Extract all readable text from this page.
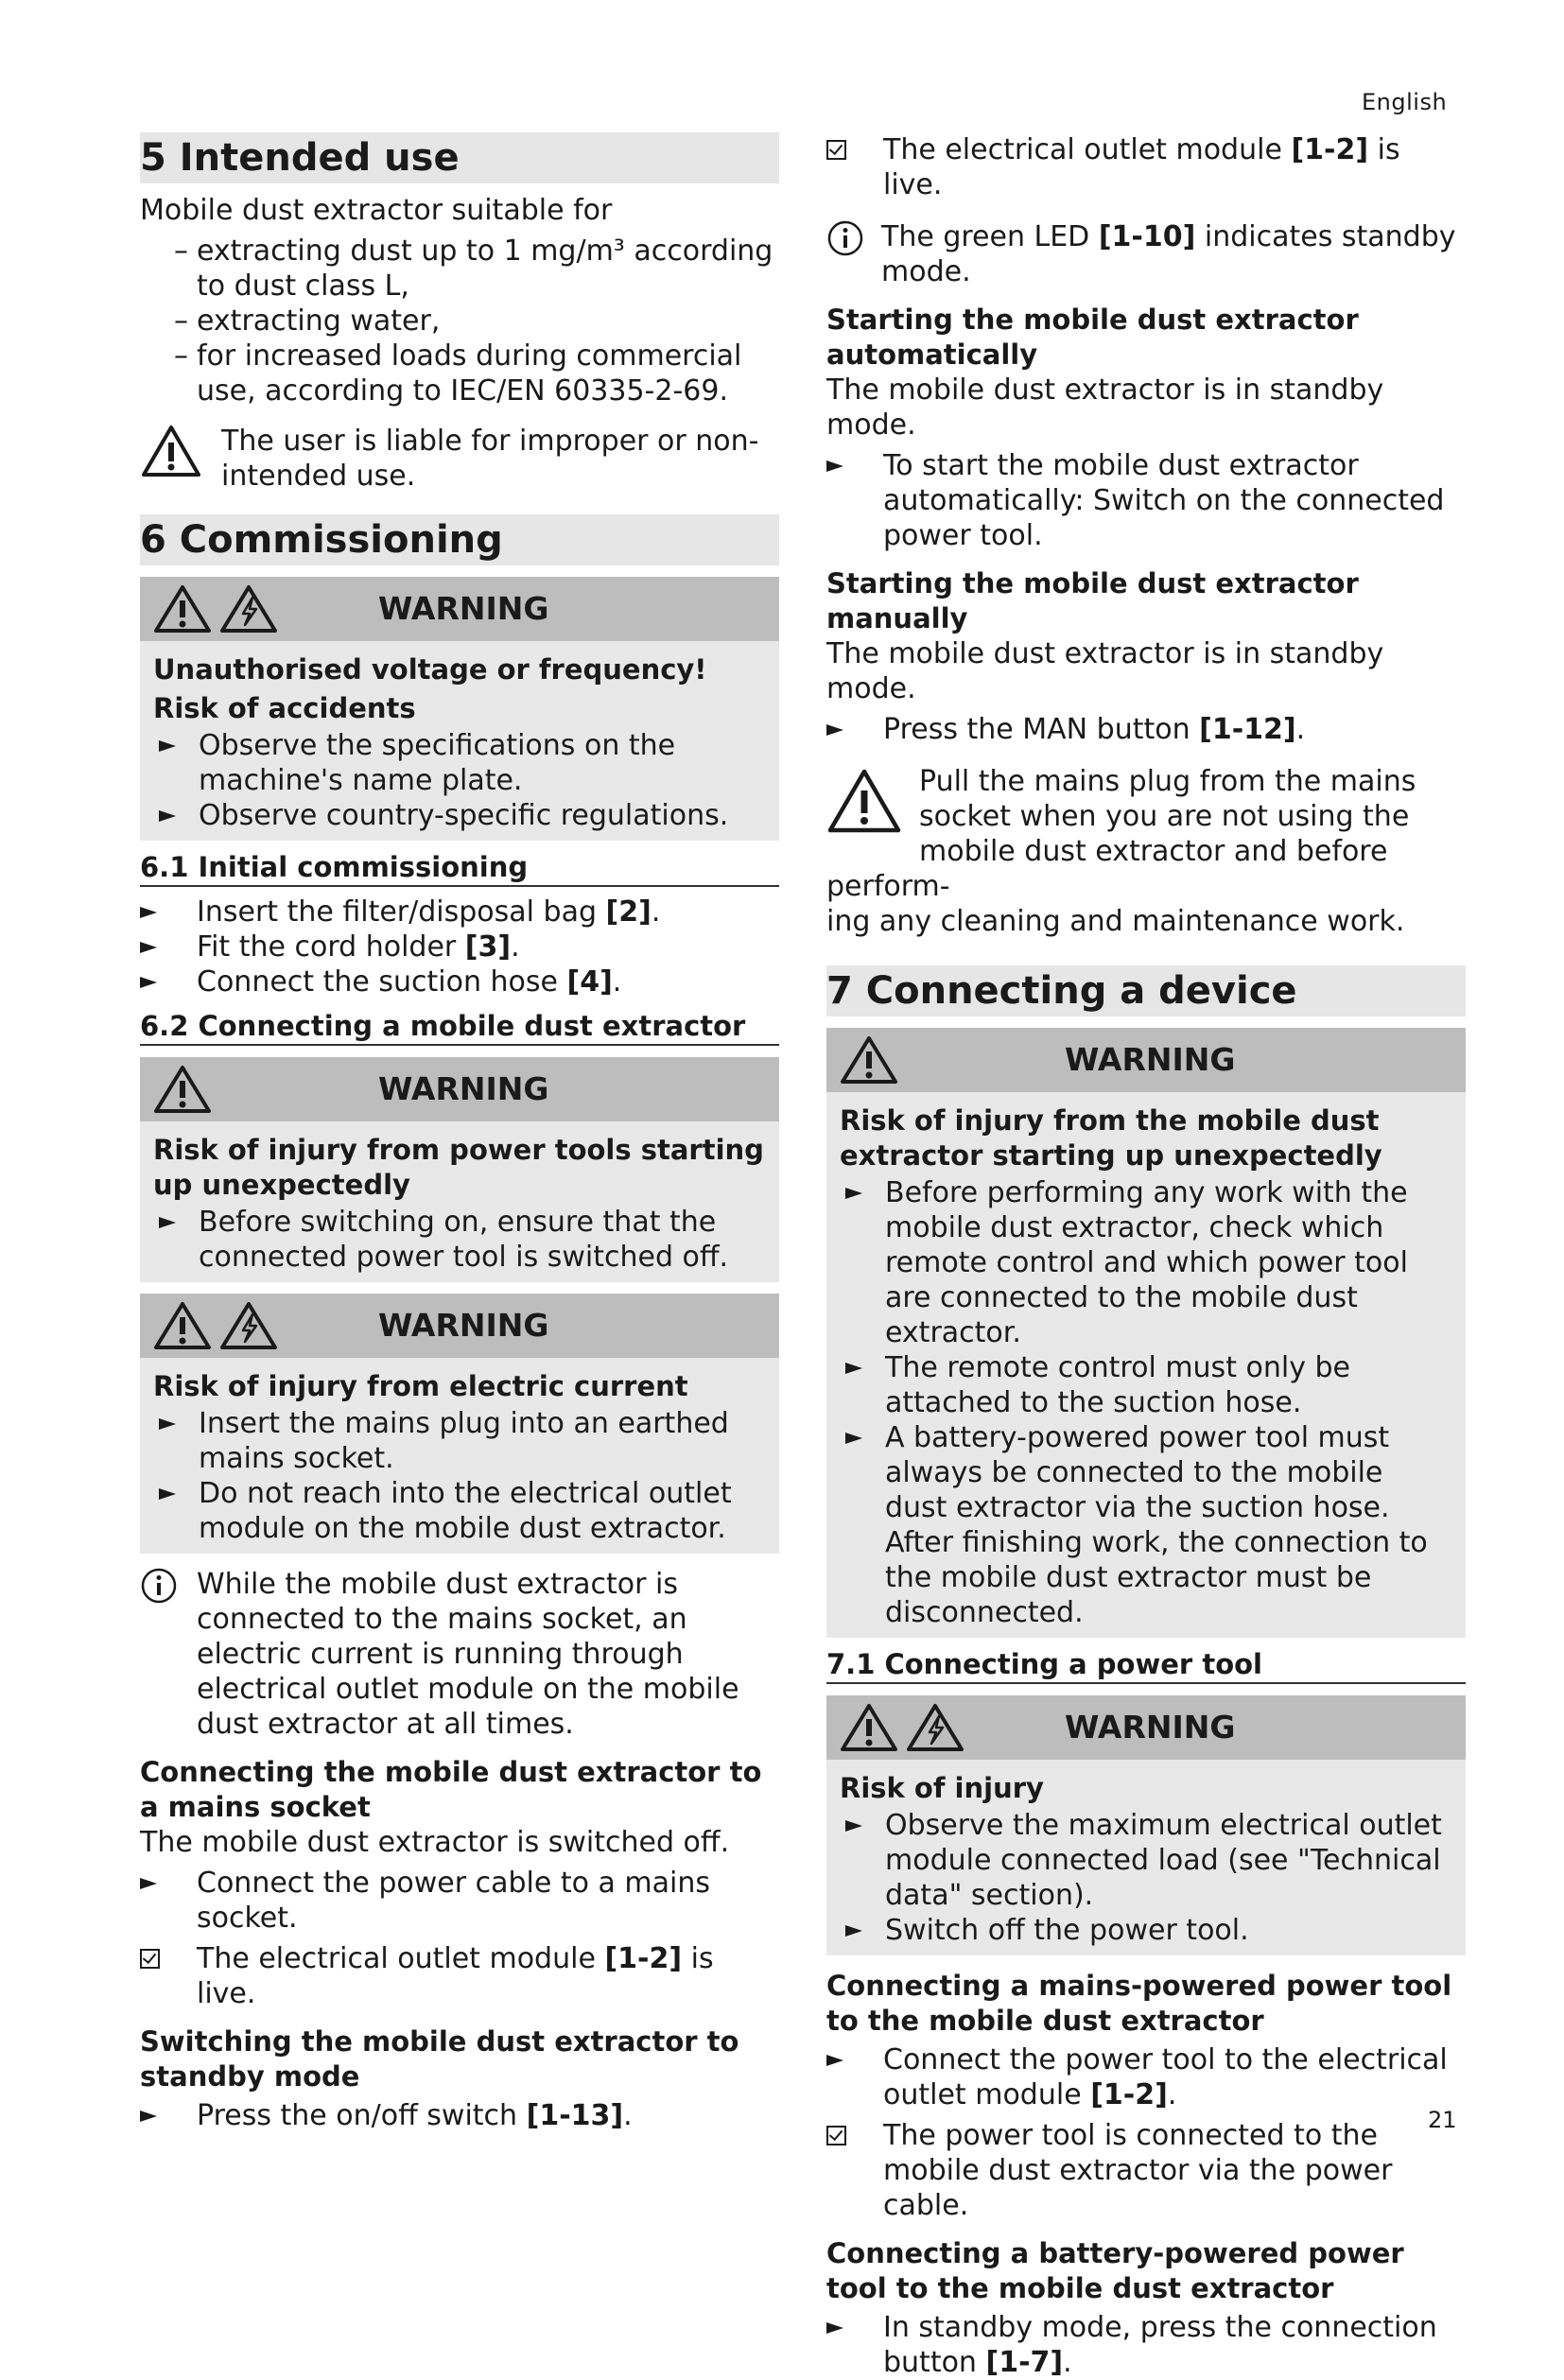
English
5 Intended use

Mobile dust extractor suitable for

– extracting dust up to 1 mg/m³ according to dust class L,

– extracting water,

– for increased loads during commercial use, according to IEC/EN 60335-2-69.

The user is liable for improper or non-intended use.
6 Commissioning
WARNING

Unauthorised voltage or frequency!

Risk of accidents

Observe the specifications on the machine's name plate.

Observe country-specific regulations.

6.1 Initial commissioning

Insert the filter/disposal bag [2].

Fit the cord holder [3].

Connect the suction hose [4].

6.2 Connecting a mobile dust extractor
WARNING

Risk of injury from power tools starting up unexpectedly

Before switching on, ensure that the connected power tool is switched off.

WARNING

Risk of injury from electric current

Insert the mains plug into an earthed mains socket.

Do not reach into the electrical outlet module on the mobile dust extractor.

While the mobile dust extractor is connected to the mains socket, an electric current is running through electrical outlet module on the mobile dust extractor at all times.

Connecting the mobile dust extractor to a mains socket

The mobile dust extractor is switched off.

Connect the power cable to a mains socket.

The electrical outlet module [1-2] is live.

Switching the mobile dust extractor to standby mode

Press the on/off switch [1-13].

The electrical outlet module [1-2] is live.

The green LED [1-10] indicates standby mode.

Starting the mobile dust extractor automatically

The mobile dust extractor is in standby mode.

To start the mobile dust extractor automatically: Switch on the connected power tool.

Starting the mobile dust extractor manually

The mobile dust extractor is in standby mode.

Press the MAN button [1-12].

Pull the mains plug from the mains socket when you are not using the mobile dust extractor and before perform-
ing any cleaning and maintenance work.
7 Connecting a device
WARNING

Risk of injury from the mobile dust extractor starting up unexpectedly

Before performing any work with the mobile dust extractor, check which remote control and which power tool are connected to the mobile dust extractor.

The remote control must only be attached to the suction hose.

A battery-powered power tool must always be connected to the mobile dust extractor via the suction hose. After finishing work, the connection to the mobile dust extractor must be disconnected.

7.1 Connecting a power tool
WARNING

Risk of injury

Observe the maximum electrical outlet module connected load (see "Technical data" section).

Switch off the power tool.

Connecting a mains-powered power tool to the mobile dust extractor

Connect the power tool to the electrical outlet module [1-2].

The power tool is connected to the mobile dust extractor via the power cable.

Connecting a battery-powered power tool to the mobile dust extractor

In standby mode, press the connection button [1-7].

21
